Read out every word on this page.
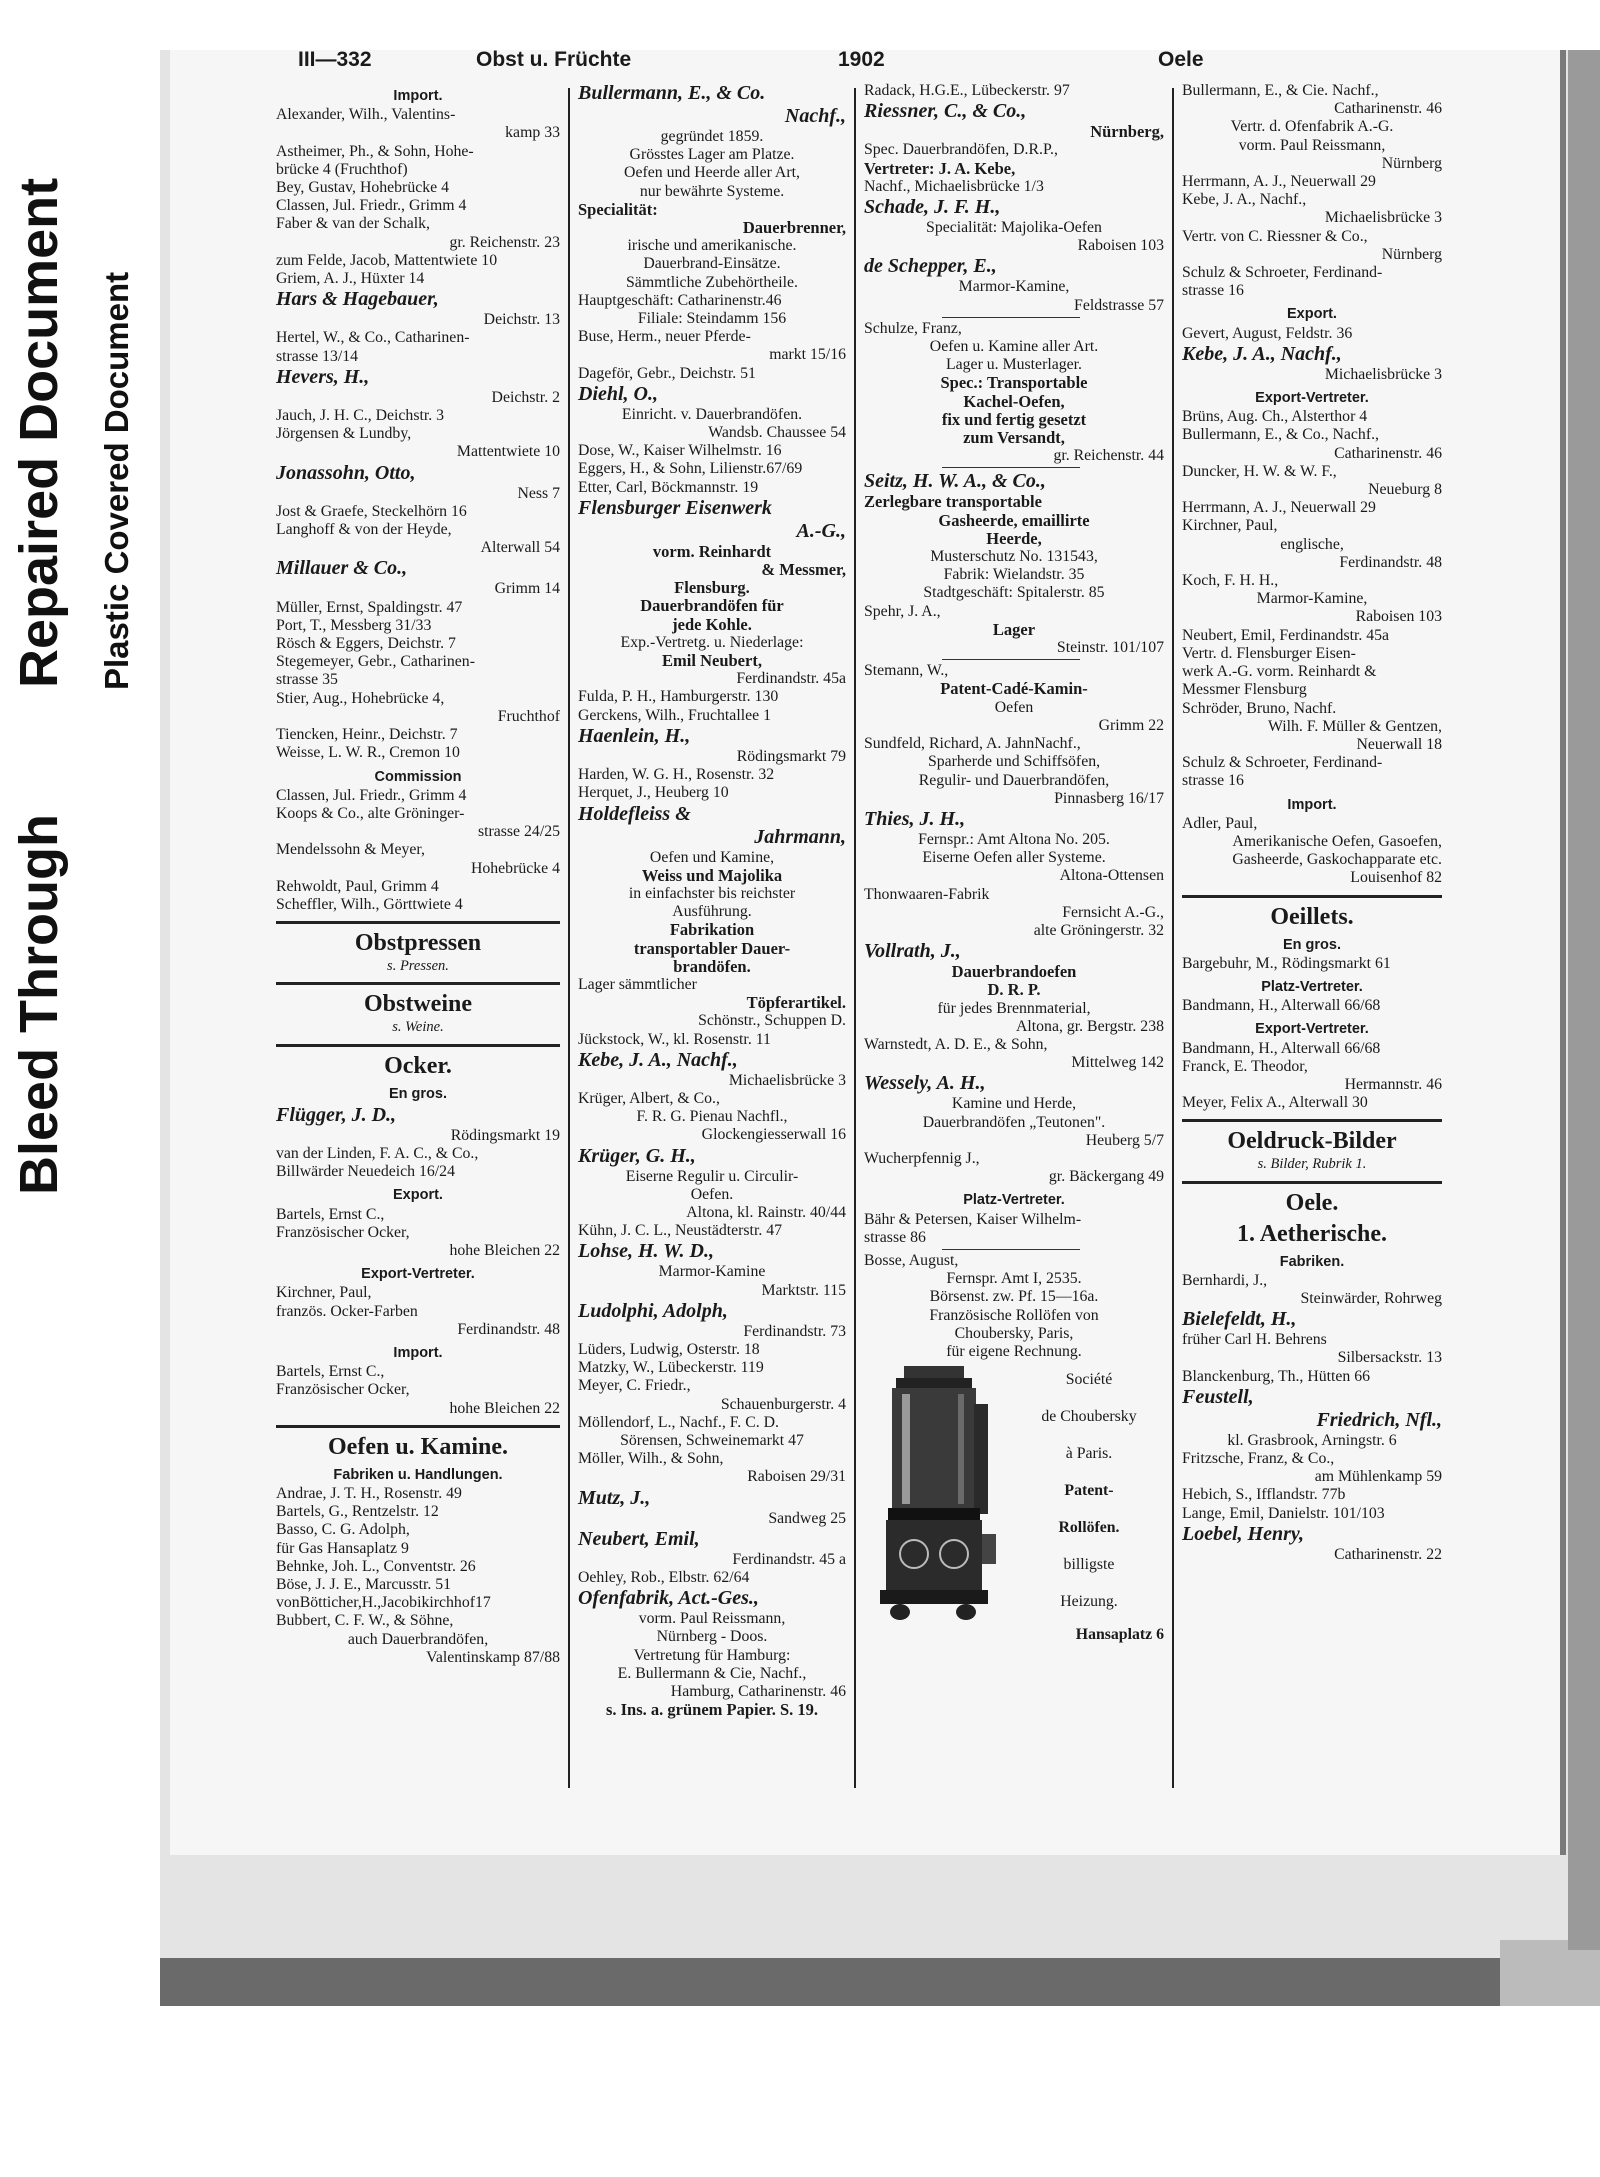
Bleed Through
Repaired Document Plastic Covered Document
III—332	Obst u. Früchte	1902	Oele
Import.
Alexander, Wilh., Valentins-
kamp 33
Astheimer, Ph., & Sohn, Hohe-
brücke 4 (Fruchthof)
Bey, Gustav, Hohebrücke 4
Classen, Jul. Friedr., Grimm 4
Faber & van der Schalk,
gr. Reichenstr. 23
zum Felde, Jacob, Mattentwiete 10
Griem, A. J., Hüxter 14
Hars & Hagebauer,
Deichstr. 13
Hertel, W., & Co., Catharinen-
strasse 13/14
Hevers, H.,
Deichstr. 2
Jauch, J. H. C., Deichstr. 3
Jörgensen & Lundby,
Mattentwiete 10
Jonassohn, Otto,
Ness 7
Jost & Graefe, Steckelhörn 16
Langhoff & von der Heyde,
Alterwall 54
Millauer & Co.,
Grimm 14
Müller, Ernst, Spaldingstr. 47
Port, T., Messberg 31/33
Rösch & Eggers, Deichstr. 7
Stegemeyer, Gebr., Catharinen-
strasse 35
Stier, Aug., Hohebrücke 4,
Fruchthof
Tiencken, Heinr., Deichstr. 7
Weisse, L. W. R., Cremon 10
Commission
Classen, Jul. Friedr., Grimm 4
Koops & Co., alte Gröninger-
strasse 24/25
Mendelssohn & Meyer,
Hohebrücke 4
Rehwoldt, Paul, Grimm 4
Scheffler, Wilh., Görttwiete 4
Obstpressen
s. Pressen.
Obstweine
s. Weine.
Ocker.
En gros.
Flügger, J. D.,
Rödingsmarkt 19
van der Linden, F. A. C., & Co.,
Billwärder Neuedeich 16/24
Export.
Bartels, Ernst C.,
Französischer Ocker,
hohe Bleichen 22
Export-Vertreter.
Kirchner, Paul,
französ. Ocker-Farben
Ferdinandstr. 48
Import.
Bartels, Ernst C.,
Französischer Ocker,
hohe Bleichen 22
Oefen u. Kamine.
Fabriken u. Handlungen.
Andrae, J. T. H., Rosenstr. 49
Bartels, G., Rentzelstr. 12
Basso, C. G. Adolph,
für Gas Hansaplatz 9
Behnke, Joh. L., Conventstr. 26
Böse, J. J. E., Marcusstr. 51
vonBötticher,H.,Jacobikirchhof17
Bubbert, C. F. W., & Söhne,
auch Dauerbrandöfen,
Valentinskamp 87/88
Bullermann, E., & Co.
Nachf.,
gegründet 1859.
Grösstes Lager am Platze.
Oefen und Heerde aller Art,
nur bewährte Systeme.
Specialität:
Dauerbrenner,
irische und amerikanische.
Dauerbrand-Einsätze.
Sämmtliche Zubehörtheile.
Hauptgeschäft: Catharinenstr.46
Filiale: Steindamm 156
Buse, Herm., neuer Pferde-
markt 15/16
Dageför, Gebr., Deichstr. 51
Diehl, O.,
Einricht. v. Dauerbrandöfen.
Wandsb. Chaussee 54
Dose, W., Kaiser Wilhelmstr. 16
Eggers, H., & Sohn, Lilienstr.67/69
Etter, Carl, Böckmannstr. 19
Flensburger Eisenwerk
A.-G.,
vorm. Reinhardt
& Messmer,
Flensburg.
Dauerbrandöfen für
jede Kohle.
Exp.-Vertretg. u. Niederlage:
Emil Neubert,
Ferdinandstr. 45a
Fulda, P. H., Hamburgerstr. 130
Gerckens, Wilh., Fruchtallee 1
Haenlein, H.,
Rödingsmarkt 79
Harden, W. G. H., Rosenstr. 32
Herquet, J., Heuberg 10
Holdefleiss &
Jahrmann,
Oefen und Kamine,
Weiss und Majolika
in einfachster bis reichster
Ausführung.
Fabrikation
transportabler Dauer-
brandöfen.
Lager sämmtlicher
Töpferartikel.
Schönstr., Schuppen D.
Jückstock, W., kl. Rosenstr. 11
Kebe, J. A., Nachf.,
Michaelisbrücke 3
Krüger, Albert, & Co.,
F. R. G. Pienau Nachfl.,
Glockengiesserwall 16
Krüger, G. H.,
Eiserne Regulir u. Circulir-
Oefen.
Altona, kl. Rainstr. 40/44
Kühn, J. C. L., Neustädterstr. 47
Lohse, H. W. D.,
Marmor-Kamine
Marktstr. 115
Ludolphi, Adolph,
Ferdinandstr. 73
Lüders, Ludwig, Osterstr. 18
Matzky, W., Lübeckerstr. 119
Meyer, C. Friedr.,
Schauenburgerstr. 4
Möllendorf, L., Nachf., F. C. D.
Sörensen, Schweinemarkt 47
Möller, Wilh., & Sohn,
Raboisen 29/31
Mutz, J.,
Sandweg 25
Neubert, Emil,
Ferdinandstr. 45 a
Oehley, Rob., Elbstr. 62/64
Ofenfabrik, Act.-Ges.,
vorm. Paul Reissmann,
Nürnberg - Doos.
Vertretung für Hamburg:
E. Bullermann & Cie, Nachf.,
Hamburg, Catharinenstr. 46
s. Ins. a. grünem Papier. S. 19.
Radack, H.G.E., Lübeckerstr. 97
Riessner, C., & Co.,
Nürnberg,
Spec. Dauerbrandöfen, D.R.P.,
Vertreter: J. A. Kebe,
Nachf., Michaelisbrücke 1/3
Schade, J. F. H.,
Specialität: Majolika-Oefen
Raboisen 103
de Schepper, E.,
Marmor-Kamine,
Feldstrasse 57
Schulze, Franz,
Oefen u. Kamine aller Art.
Lager u. Musterlager.
Spec.: Transportable
Kachel-Oefen,
fix und fertig gesetzt
zum Versandt,
gr. Reichenstr. 44
Seitz, H. W. A., & Co.,
Zerlegbare transportable
Gasheerde, emaillirte
Heerde,
Musterschutz No. 131543,
Fabrik: Wielandstr. 35
Stadtgeschäft: Spitalerstr. 85
Spehr, J. A.,
Lager
Steinstr. 101/107
Stemann, W.,
Patent-Cadé-Kamin-
Oefen
Grimm 22
Sundfeld, Richard, A. JahnNachf.,
Sparherde und Schiffsöfen,
Regulir- und Dauerbrandöfen,
Pinnasberg 16/17
Thies, J. H.,
Fernspr.: Amt Altona No. 205.
Eiserne Oefen aller Systeme.
Altona-Ottensen
Thonwaaren-Fabrik
Fernsicht A.-G.,
alte Gröningerstr. 32
Vollrath, J.,
Dauerbrandoefen
D. R. P.
für jedes Brennmaterial,
Altona, gr. Bergstr. 238
Warnstedt, A. D. E., & Sohn,
Mittelweg 142
Wessely, A. H.,
Kamine und Herde,
Dauerbrandöfen „Teutonen".
Heuberg 5/7
Wucherpfennig J.,
gr. Bäckergang 49
Platz-Vertreter.
Bähr & Petersen, Kaiser Wilhelm-
strasse 86
Bosse, August,
Fernspr. Amt I, 2535.
Börsenst. zw. Pf. 15—16a.
Französische Rollöfen von
Choubersky, Paris,
für eigene Rechnung.
Société
de Choubersky
à Paris.
Patent-
Rollöfen.
billigste
Heizung.
Hansaplatz 6
Bullermann, E., & Cie. Nachf.,
Catharinenstr. 46
Vertr. d. Ofenfabrik A.-G.
vorm. Paul Reissmann,
Nürnberg
Herrmann, A. J., Neuerwall 29
Kebe, J. A., Nachf.,
Michaelisbrücke 3
Vertr. von C. Riessner & Co.,
Nürnberg
Schulz & Schroeter, Ferdinand-
strasse 16
Export.
Gevert, August, Feldstr. 36
Kebe, J. A., Nachf.,
Michaelisbrücke 3
Export-Vertreter.
Brüns, Aug. Ch., Alsterthor 4
Bullermann, E., & Co., Nachf.,
Catharinenstr. 46
Duncker, H. W. & W. F.,
Neueburg 8
Herrmann, A. J., Neuerwall 29
Kirchner, Paul,
englische,
Ferdinandstr. 48
Koch, F. H. H.,
Marmor-Kamine,
Raboisen 103
Neubert, Emil, Ferdinandstr. 45a
Vertr. d. Flensburger Eisen-
werk A.-G. vorm. Reinhardt &
Messmer Flensburg
Schröder, Bruno, Nachf.
Wilh. F. Müller & Gentzen,
Neuerwall 18
Schulz & Schroeter, Ferdinand-
strasse 16
Import.
Adler, Paul,
Amerikanische Oefen, Gasoefen,
Gasheerde, Gaskochapparate etc.
Louisenhof 82
Oeillets.
En gros.
Bargebuhr, M., Rödingsmarkt 61
Platz-Vertreter.
Bandmann, H., Alterwall 66/68
Export-Vertreter.
Bandmann, H., Alterwall 66/68
Franck, E. Theodor,
Hermannstr. 46
Meyer, Felix A., Alterwall 30
Oeldruck-Bilder
s. Bilder, Rubrik 1.
Oele.
1. Aetherische.
Fabriken.
Bernhardi, J.,
Steinwärder, Rohrweg
Bielefeldt, H.,
früher Carl H. Behrens
Silbersackstr. 13
Blanckenburg, Th., Hütten 66
Feustell,
Friedrich, Nfl.,
kl. Grasbrook, Arningstr. 6
Fritzsche, Franz, & Co.,
am Mühlenkamp 59
Hebich, S., Ifflandstr. 77b
Lange, Emil, Danielstr. 101/103
Loebel, Henry,
Catharinenstr. 22
